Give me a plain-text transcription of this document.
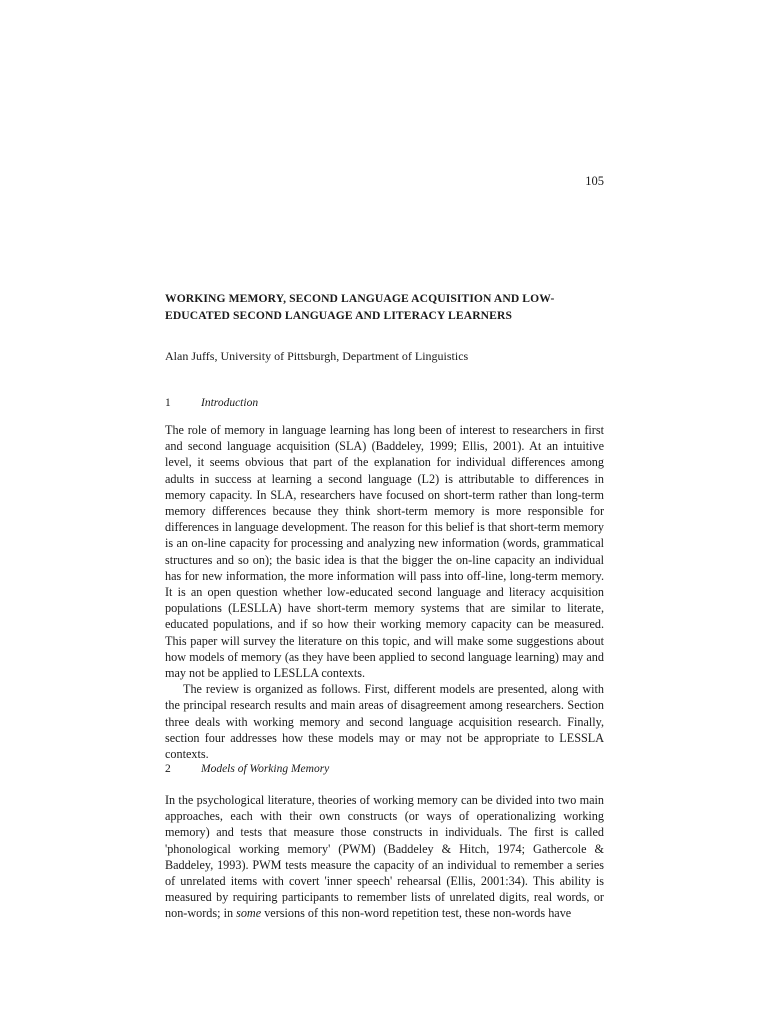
105
WORKING MEMORY, SECOND LANGUAGE ACQUISITION AND LOW-EDUCATED SECOND LANGUAGE AND LITERACY LEARNERS

Alan Juffs, University of Pittsburgh, Department of Linguistics

1	Introduction

The role of memory in language learning has long been of interest to researchers in first and second language acquisition (SLA) (Baddeley, 1999; Ellis, 2001). At an intuitive level, it seems obvious that part of the explanation for individual differences among adults in success at learning a second language (L2) is attributable to differences in memory capacity. In SLA, researchers have focused on short-term rather than long-term memory differences because they think short-term memory is more responsible for differences in language development. The reason for this belief is that short-term memory is an on-line capacity for processing and analyzing new information (words, grammatical structures and so on); the basic idea is that the bigger the on-line capacity an individual has for new information, the more information will pass into off-line, long-term memory. It is an open question whether low-educated second language and literacy acquisition populations (LESLLA) have short-term memory systems that are similar to literate, educated populations, and if so how their working memory capacity can be measured. This paper will survey the literature on this topic, and will make some suggestions about how models of memory (as they have been applied to second language learning) may and may not be applied to LESLLA contexts.

The review is organized as follows. First, different models are presented, along with the principal research results and main areas of disagreement among researchers. Section three deals with working memory and second language acquisition research. Finally, section four addresses how these models may or may not be appropriate to LESSLA contexts.

2	Models of Working Memory

In the psychological literature, theories of working memory can be divided into two main approaches, each with their own constructs (or ways of operationalizing working memory) and tests that measure those constructs in individuals. The first is called 'phonological working memory' (PWM) (Baddeley & Hitch, 1974; Gathercole & Baddeley, 1993). PWM tests measure the capacity of an individual to remember a series of unrelated items with covert 'inner speech' rehearsal (Ellis, 2001:34). This ability is measured by requiring participants to remember lists of unrelated digits, real words, or non-words; in some versions of this non-word repetition test, these non-words have
